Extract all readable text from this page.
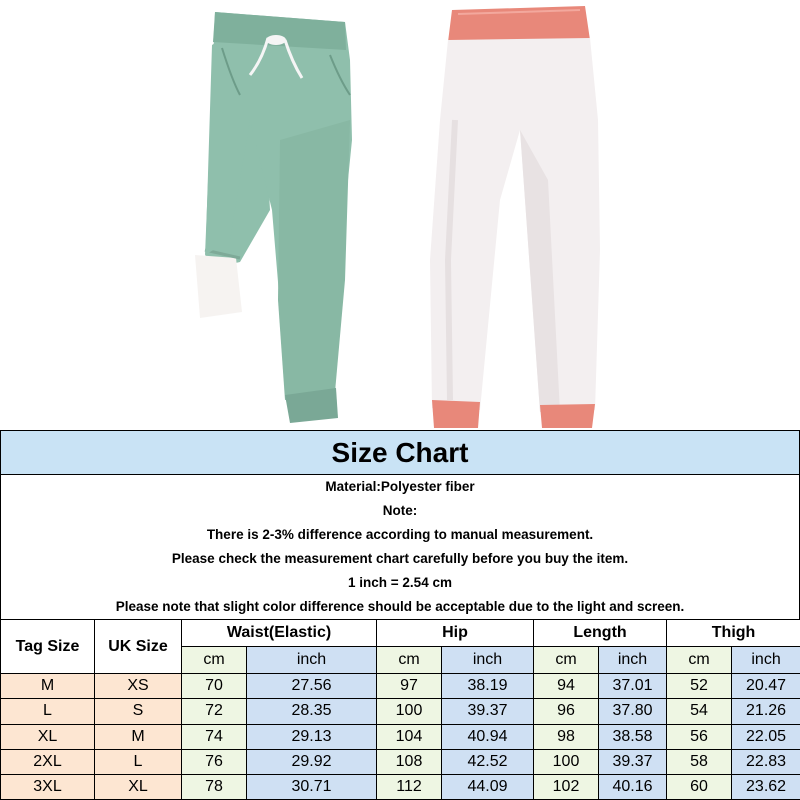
Size Chart
Material:Polyester fiber
Note:
There is 2-3% difference according to manual measurement.
Please check the measurement chart carefully before you buy the item.
1 inch = 2.54 cm
Please note that slight color difference should be acceptable due to the light and screen.
Tag Size	UK Size	Waist(Elastic)		Hip		Length		Thigh	
		cm	inch	cm	inch	cm	inch	cm	inch
M	XS	70	27.56	97	38.19	94	37.01	52	20.47
L	S	72	28.35	100	39.37	96	37.80	54	21.26
XL	M	74	29.13	104	40.94	98	38.58	56	22.05
2XL	L	76	29.92	108	42.52	100	39.37	58	22.83
3XL	XL	78	30.71	112	44.09	102	40.16	60	23.62
